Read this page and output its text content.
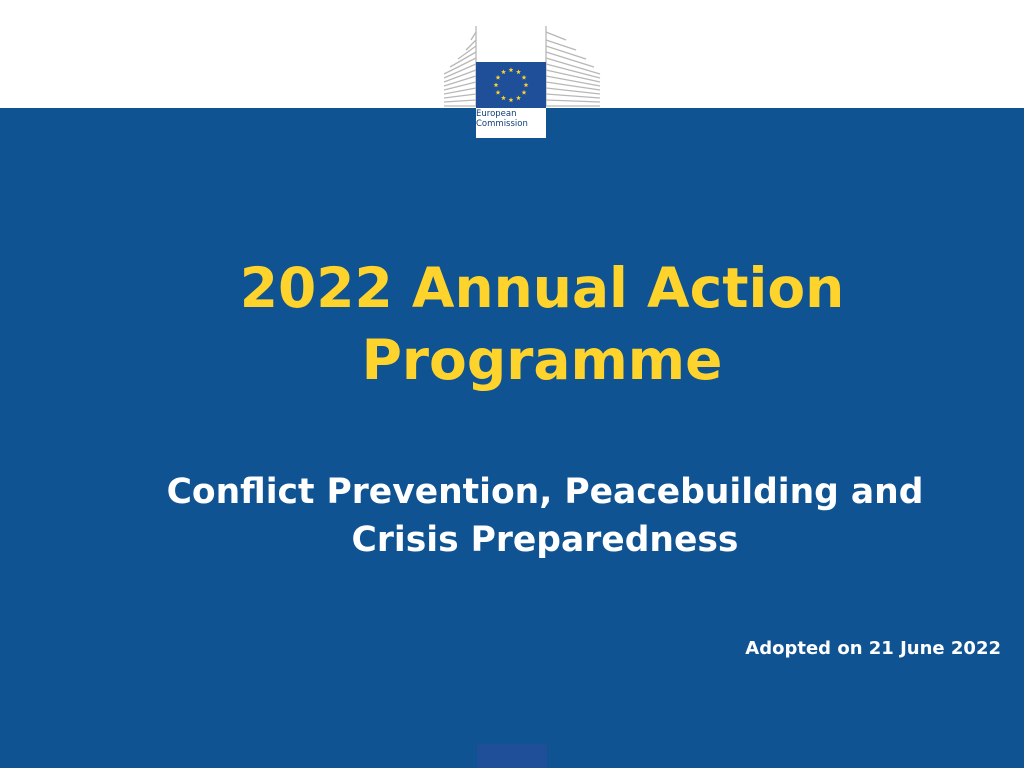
European
Commission
2022 Annual Action
Programme
Conflict Prevention, Peacebuilding and
Crisis Preparedness

Adopted on 21 June 2022
